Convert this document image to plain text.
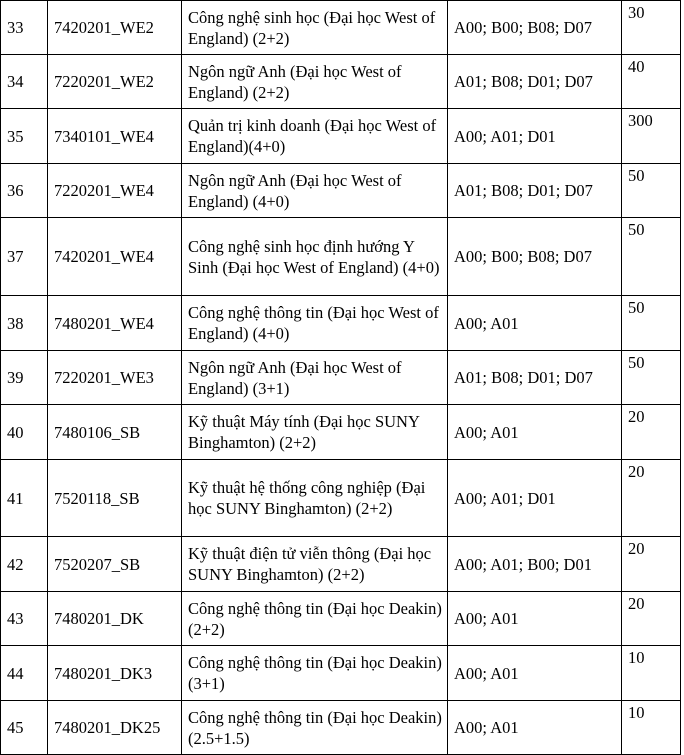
33	7420201_WE2	Công nghệ sinh học (Đại học West of England) (2+2)	A00; B00; B08; D07	30
34	7220201_WE2	Ngôn ngữ Anh (Đại học West of England) (2+2)	A01; B08; D01; D07	40
35	7340101_WE4	Quản trị kinh doanh (Đại học West of England)(4+0)	A00; A01; D01	300
36	7220201_WE4	Ngôn ngữ Anh (Đại học West of England) (4+0)	A01; B08; D01; D07	50
37	7420201_WE4	Công nghệ sinh học định hướng Y Sinh (Đại học West of England) (4+0)	A00; B00; B08; D07	50
38	7480201_WE4	Công nghệ thông tin (Đại học West of England) (4+0)	A00; A01	50
39	7220201_WE3	Ngôn ngữ Anh (Đại học West of England) (3+1)	A01; B08; D01; D07	50
40	7480106_SB	Kỹ thuật Máy tính (Đại học SUNY Binghamton) (2+2)	A00; A01	20
41	7520118_SB	Kỹ thuật hệ thống công nghiệp (Đại học SUNY Binghamton) (2+2)	A00; A01; D01	20
42	7520207_SB	Kỹ thuật điện tử viễn thông (Đại học SUNY Binghamton) (2+2)	A00; A01; B00; D01	20
43	7480201_DK	Công nghệ thông tin (Đại học Deakin) (2+2)	A00; A01	20
44	7480201_DK3	Công nghệ thông tin (Đại học Deakin) (3+1)	A00; A01	10
45	7480201_DK25	Công nghệ thông tin (Đại học Deakin) (2.5+1.5)	A00; A01	10
